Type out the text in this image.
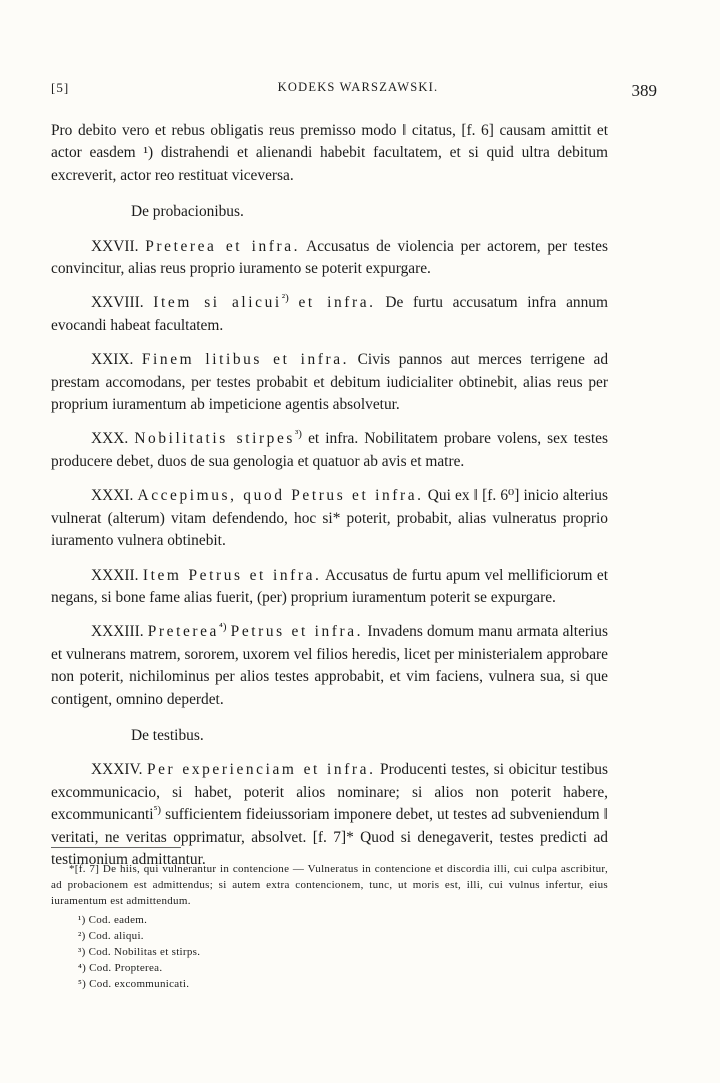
[5]	KODEKS WARSZAWSKI.	389

Pro debito vero et rebus obligatis reus premisso modo ‖ citatus, [f. 6] causam amittit et actor easdem ¹) distrahendi et alienandi habebit facultatem, et si quid ultra debitum excreverit, actor reo restituat viceversa.

De probacionibus.

XXVII. Preterea et infra. Accusatus de violencia per actorem, per testes convincitur, alias reus proprio iuramento se poterit expurgare.

XXVIII. Item si alicui$^{^2)}$ et infra. De furtu accusatum infra annum evocandi habeat facultatem.

XXIX. Finem litibus et infra. Civis pannos aut merces terrigene ad prestam accomodans, per testes probabit et debitum iudicialiter obtinebit, alias reus per proprium iuramentum ab impeticione agentis absolvetur.

XXX. Nobilitatis stirpes$^{^3)}$ et infra. Nobilitatem probare volens, sex testes producere debet, duos de sua genologia et quatuor ab avis et matre.

XXXI. Accepimus, quod Petrus et infra. Qui ex ‖ [f. 6⁰] inicio alterius vulnerat (alterum) vitam defendendo, hoc si* poterit, probabit, alias vulneratus proprio iuramento vulnera obtinebit.

XXXII. Item Petrus et infra. Accusatus de furtu apum vel mellificiorum et negans, si bone fame alias fuerit, (per) proprium iuramentum poterit se expurgare.

XXXIII. Preterea$^{^4)}$ Petrus et infra. Invadens domum manu armata alterius et vulnerans matrem, sororem, uxorem vel filios heredis, licet per ministerialem approbare non poterit, nichilominus per alios testes approbabit, et vim faciens, vulnera sua, si que contigent, omnino deperdet.

De testibus.

XXXIV. Per experienciam et infra. Producenti testes, si obicitur testibus excommunicacio, si habet, poterit alios nominare; si alios non poterit habere, excommunicanti$^{^5)}$ sufficientem fideiussoriam imponere debet, ut testes ad subveniendum ‖ veritati, ne veritas opprimatur, absolvet. [f. 7]* Quod si denegaverit, testes predicti ad testimonium admittantur.

*[f. 7] De hiis, qui vulnerantur in contencione — Vulneratus in contencione et discordia illi, cui culpa ascribitur, ad probacionem est admittendus; si autem extra contencionem, tunc, ut moris est, illi, cui vulnus infertur, eius iuramentum est admittendum.

¹) Cod. eadem.

²) Cod. aliqui.

³) Cod. Nobilitas et stirps.

⁴) Cod. Propterea.

⁵) Cod. excommunicati.
